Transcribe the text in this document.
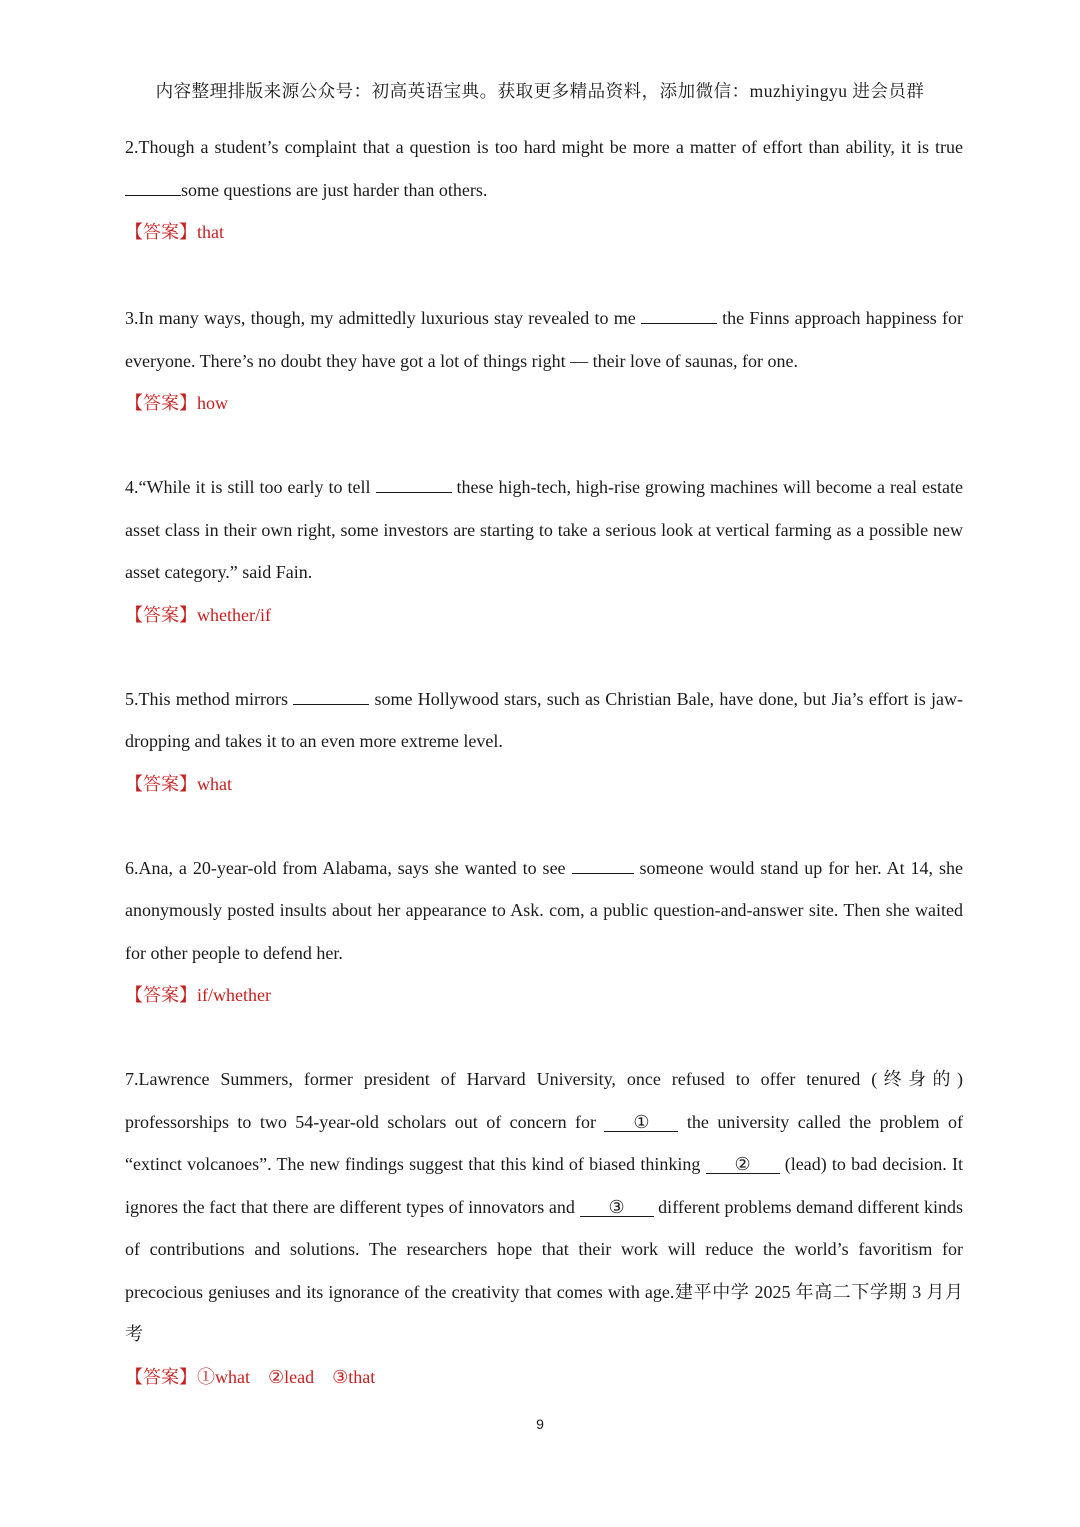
内容整理排版来源公众号：初高英语宝典。获取更多精品资料，添加微信：muzhiyingyu 进会员群

2.Though a student’s complaint that a question is too hard might be more a matter of effort than ability, it is true some questions are just harder than others.

【答案】that

3.In many ways, though, my admittedly luxurious stay revealed to me	the Finns approach happiness for everyone. There’s no doubt they have got a lot of things right — their love of saunas, for one.

【答案】how

4.“While it is still too early to tell	these high-tech, high-rise growing machines will become a real estate asset class in their own right, some investors are starting to take a serious look at vertical farming as a possible new asset category.” said Fain.

【答案】whether/if

5.This method mirrors	some Hollywood stars, such as Christian Bale, have done, but Jia’s effort is jaw-dropping and takes it to an even more extreme level.

【答案】what

6.Ana, a 20-year-old from Alabama, says she wanted to see	someone would stand up for her. At 14, she anonymously posted insults about her appearance to Ask. com, a public question-and-answer site. Then she waited for other people to defend her.

【答案】if/whether

7.Lawrence Summers, former president of Harvard University, once refused to offer tenured (终身的) professorships to two 54-year-old scholars out of concern for ① the university called the problem of “extinct volcanoes”. The new findings suggest that this kind of biased thinking ② (lead) to bad decision. It ignores the fact that there are different types of innovators and ③ different problems demand different kinds of contributions and solutions. The researchers hope that their work will reduce the world’s favoritism for precocious geniuses and its ignorance of the creativity that comes with age.建平中学 2025 年高二下学期 3 月月考

【答案】①what ②lead ③that

9
